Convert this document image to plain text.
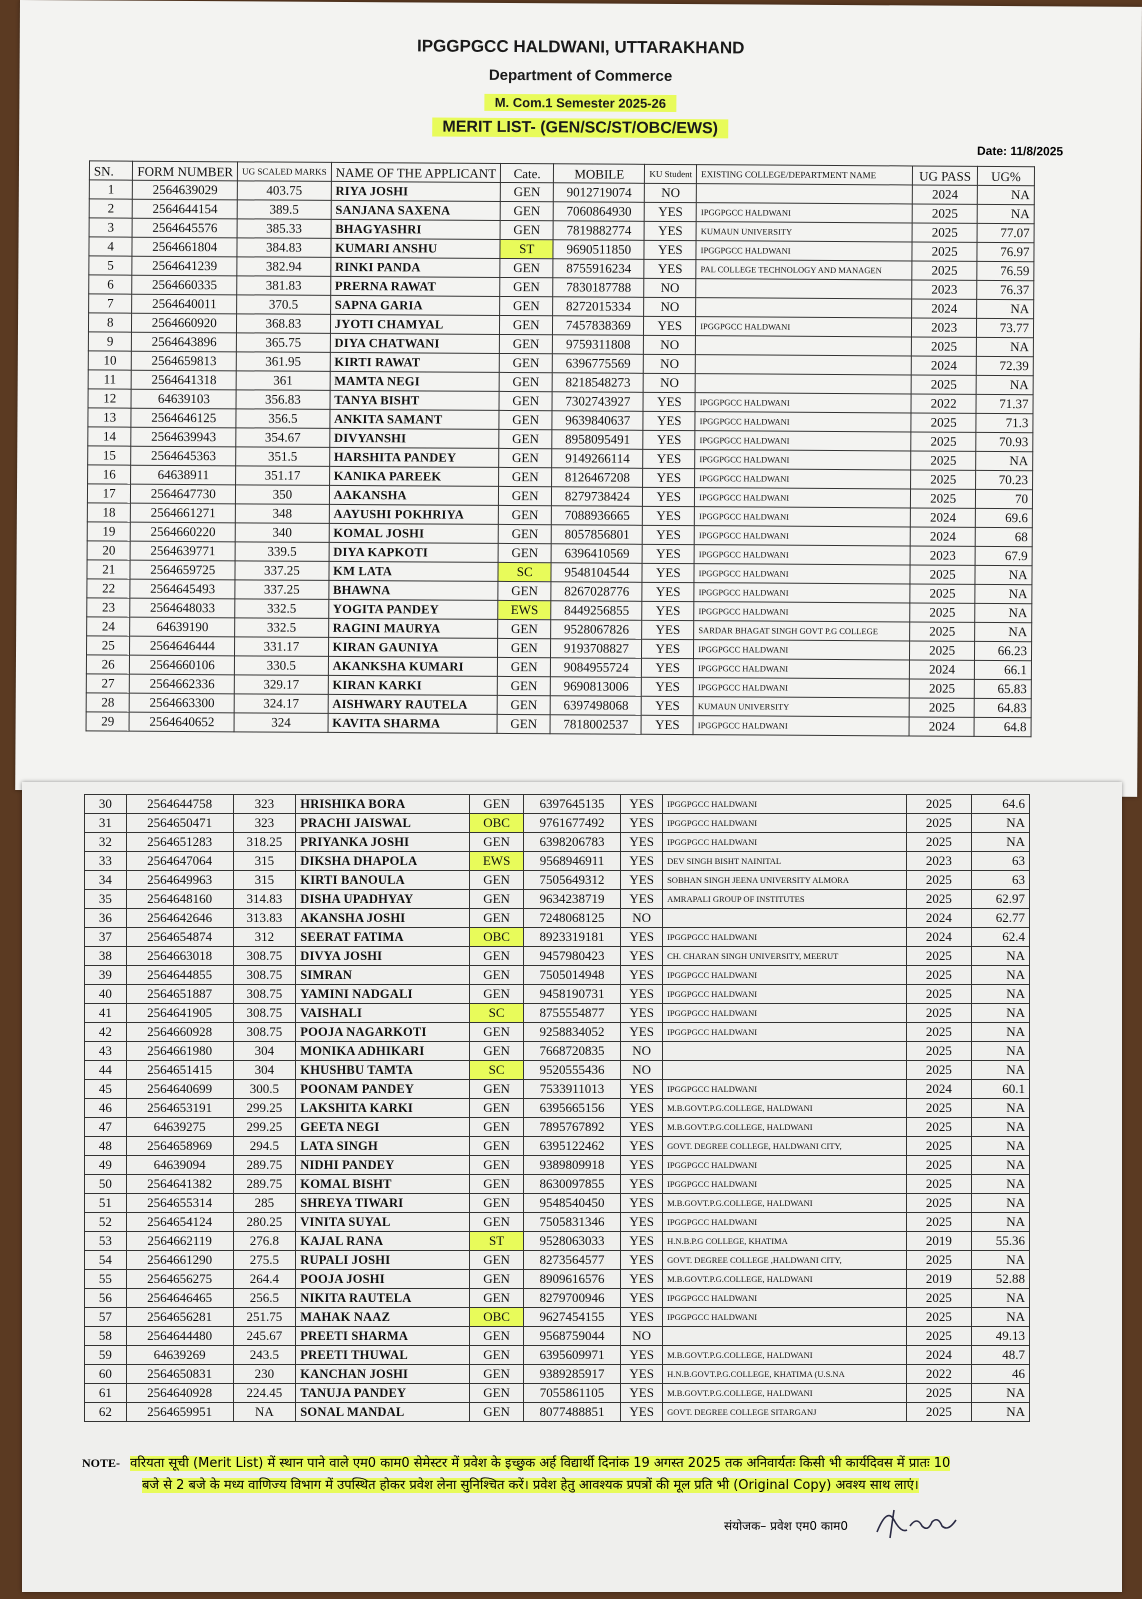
IPGGPGCC HALDWANI, UTTARAKHAND
Department of Commerce
M. Com.1 Semester 2025-26
MERIT LIST- (GEN/SC/ST/OBC/EWS)
Date: 11/8/2025
SN.	FORM NUMBER	UG SCALED MARKS	NAME OF THE APPLICANT	Cate.	MOBILE	KU Student	EXISTING COLLEGE/DEPARTMENT NAME	UG PASS	UG%
1	2564639029	403.75	RIYA JOSHI	GEN	9012719074	NO		2024	NA
2	2564644154	389.5	SANJANA SAXENA	GEN	7060864930	YES	IPGGPGCC HALDWANI	2025	NA
3	2564645576	385.33	BHAGYASHRI	GEN	7819882774	YES	KUMAUN UNIVERSITY	2025	77.07
4	2564661804	384.83	KUMARI ANSHU	ST	9690511850	YES	IPGGPGCC HALDWANI	2025	76.97
5	2564641239	382.94	RINKI PANDA	GEN	8755916234	YES	PAL COLLEGE TECHNOLOGY AND MANAGEN	2025	76.59
6	2564660335	381.83	PRERNA RAWAT	GEN	7830187788	NO		2023	76.37
7	2564640011	370.5	SAPNA GARIA	GEN	8272015334	NO		2024	NA
8	2564660920	368.83	JYOTI CHAMYAL	GEN	7457838369	YES	IPGGPGCC HALDWANI	2023	73.77
9	2564643896	365.75	DIYA CHATWANI	GEN	9759311808	NO		2025	NA
10	2564659813	361.95	KIRTI RAWAT	GEN	6396775569	NO		2024	72.39
11	2564641318	361	MAMTA NEGI	GEN	8218548273	NO		2025	NA
12	64639103	356.83	TANYA BISHT	GEN	7302743927	YES	IPGGPGCC HALDWANI	2022	71.37
13	2564646125	356.5	ANKITA SAMANT	GEN	9639840637	YES	IPGGPGCC HALDWANI	2025	71.3
14	2564639943	354.67	DIVYANSHI	GEN	8958095491	YES	IPGGPGCC HALDWANI	2025	70.93
15	2564645363	351.5	HARSHITA PANDEY	GEN	9149266114	YES	IPGGPGCC HALDWANI	2025	NA
16	64638911	351.17	KANIKA PAREEK	GEN	8126467208	YES	IPGGPGCC HALDWANI	2025	70.23
17	2564647730	350	AAKANSHA	GEN	8279738424	YES	IPGGPGCC HALDWANI	2025	70
18	2564661271	348	AAYUSHI POKHRIYA	GEN	7088936665	YES	IPGGPGCC HALDWANI	2024	69.6
19	2564660220	340	KOMAL JOSHI	GEN	8057856801	YES	IPGGPGCC HALDWANI	2024	68
20	2564639771	339.5	DIYA KAPKOTI	GEN	6396410569	YES	IPGGPGCC HALDWANI	2023	67.9
21	2564659725	337.25	KM LATA	SC	9548104544	YES	IPGGPGCC HALDWANI	2025	NA
22	2564645493	337.25	BHAWNA	GEN	8267028776	YES	IPGGPGCC HALDWANI	2025	NA
23	2564648033	332.5	YOGITA PANDEY	EWS	8449256855	YES	IPGGPGCC HALDWANI	2025	NA
24	64639190	332.5	RAGINI MAURYA	GEN	9528067826	YES	SARDAR BHAGAT SINGH GOVT P.G COLLEGE	2025	NA
25	2564646444	331.17	KIRAN GAUNIYA	GEN	9193708827	YES	IPGGPGCC HALDWANI	2025	66.23
26	2564660106	330.5	AKANKSHA KUMARI	GEN	9084955724	YES	IPGGPGCC HALDWANI	2024	66.1
27	2564662336	329.17	KIRAN KARKI	GEN	9690813006	YES	IPGGPGCC HALDWANI	2025	65.83
28	2564663300	324.17	AISHWARY RAUTELA	GEN	6397498068	YES	KUMAUN UNIVERSITY	2025	64.83
29	2564640652	324	KAVITA SHARMA	GEN	7818002537	YES	IPGGPGCC HALDWANI	2024	64.8
30	2564644758	323	HRISHIKA BORA	GEN	6397645135	YES	IPGGPGCC HALDWANI	2025	64.6
31	2564650471	323	PRACHI JAISWAL	OBC	9761677492	YES	IPGGPGCC HALDWANI	2025	NA
32	2564651283	318.25	PRIYANKA JOSHI	GEN	6398206783	YES	IPGGPGCC HALDWANI	2025	NA
33	2564647064	315	DIKSHA DHAPOLA	EWS	9568946911	YES	DEV SINGH BISHT NAINITAL	2023	63
34	2564649963	315	KIRTI BANOULA	GEN	7505649312	YES	SOBHAN SINGH JEENA UNIVERSITY ALMORA	2025	63
35	2564648160	314.83	DISHA UPADHYAY	GEN	9634238719	YES	AMRAPALI GROUP OF INSTITUTES	2025	62.97
36	2564642646	313.83	AKANSHA JOSHI	GEN	7248068125	NO		2024	62.77
37	2564654874	312	SEERAT FATIMA	OBC	8923319181	YES	IPGGPGCC HALDWANI	2024	62.4
38	2564663018	308.75	DIVYA JOSHI	GEN	9457980423	YES	CH. CHARAN SINGH UNIVERSITY, MEERUT	2025	NA
39	2564644855	308.75	SIMRAN	GEN	7505014948	YES	IPGGPGCC HALDWANI	2025	NA
40	2564651887	308.75	YAMINI NADGALI	GEN	9458190731	YES	IPGGPGCC HALDWANI	2025	NA
41	2564641905	308.75	VAISHALI	SC	8755554877	YES	IPGGPGCC HALDWANI	2025	NA
42	2564660928	308.75	POOJA NAGARKOTI	GEN	9258834052	YES	IPGGPGCC HALDWANI	2025	NA
43	2564661980	304	MONIKA ADHIKARI	GEN	7668720835	NO		2025	NA
44	2564651415	304	KHUSHBU TAMTA	SC	9520555436	NO		2025	NA
45	2564640699	300.5	POONAM PANDEY	GEN	7533911013	YES	IPGGPGCC HALDWANI	2024	60.1
46	2564653191	299.25	LAKSHITA KARKI	GEN	6395665156	YES	M.B.GOVT.P.G.COLLEGE, HALDWANI	2025	NA
47	64639275	299.25	GEETA NEGI	GEN	7895767892	YES	M.B.GOVT.P.G.COLLEGE, HALDWANI	2025	NA
48	2564658969	294.5	LATA SINGH	GEN	6395122462	YES	GOVT. DEGREE COLLEGE, HALDWANI CITY,	2025	NA
49	64639094	289.75	NIDHI PANDEY	GEN	9389809918	YES	IPGGPGCC HALDWANI	2025	NA
50	2564641382	289.75	KOMAL BISHT	GEN	8630097855	YES	IPGGPGCC HALDWANI	2025	NA
51	2564655314	285	SHREYA TIWARI	GEN	9548540450	YES	M.B.GOVT.P.G.COLLEGE, HALDWANI	2025	NA
52	2564654124	280.25	VINITA SUYAL	GEN	7505831346	YES	IPGGPGCC HALDWANI	2025	NA
53	2564662119	276.8	KAJAL RANA	ST	9528063033	YES	H.N.B.P.G COLLEGE, KHATIMA	2019	55.36
54	2564661290	275.5	RUPALI JOSHI	GEN	8273564577	YES	GOVT. DEGREE COLLEGE ,HALDWANI CITY,	2025	NA
55	2564656275	264.4	POOJA JOSHI	GEN	8909616576	YES	M.B.GOVT.P.G.COLLEGE, HALDWANI	2019	52.88
56	2564646465	256.5	NIKITA RAUTELA	GEN	8279700946	YES	IPGGPGCC HALDWANI	2025	NA
57	2564656281	251.75	MAHAK NAAZ	OBC	9627454155	YES	IPGGPGCC HALDWANI	2025	NA
58	2564644480	245.67	PREETI SHARMA	GEN	9568759044	NO		2025	49.13
59	64639269	243.5	PREETI THUWAL	GEN	6395609971	YES	M.B.GOVT.P.G.COLLEGE, HALDWANI	2024	48.7
60	2564650831	230	KANCHAN JOSHI	GEN	9389285917	YES	H.N.B.GOVT.P.G.COLLEGE, KHATIMA (U.S.NA	2022	46
61	2564640928	224.45	TANUJA PANDEY	GEN	7055861105	YES	M.B.GOVT.P.G.COLLEGE, HALDWANI	2025	NA
62	2564659951	NA	SONAL MANDAL	GEN	8077488851	YES	GOVT. DEGREE COLLEGE SITARGANJ	2025	NA
NOTE- वरियता सूची (Merit List) में स्थान पाने वाले एम0 काम0 सेमेस्टर में प्रवेश के इच्छुक अर्ह विद्यार्थी दिनांक 19 अगस्त 2025 तक अनिवार्यतः किसी भी कार्यदिवस में प्रातः 10
बजे से 2 बजे के मध्य वाणिज्य विभाग में उपस्थित होकर प्रवेश लेना सुनिश्चित करें। प्रवेश हेतु आवश्यक प्रपत्रों की मूल प्रति भी (Original Copy) अवश्य साथ लाएं।
संयोजक– प्रवेश एम0 काम0
